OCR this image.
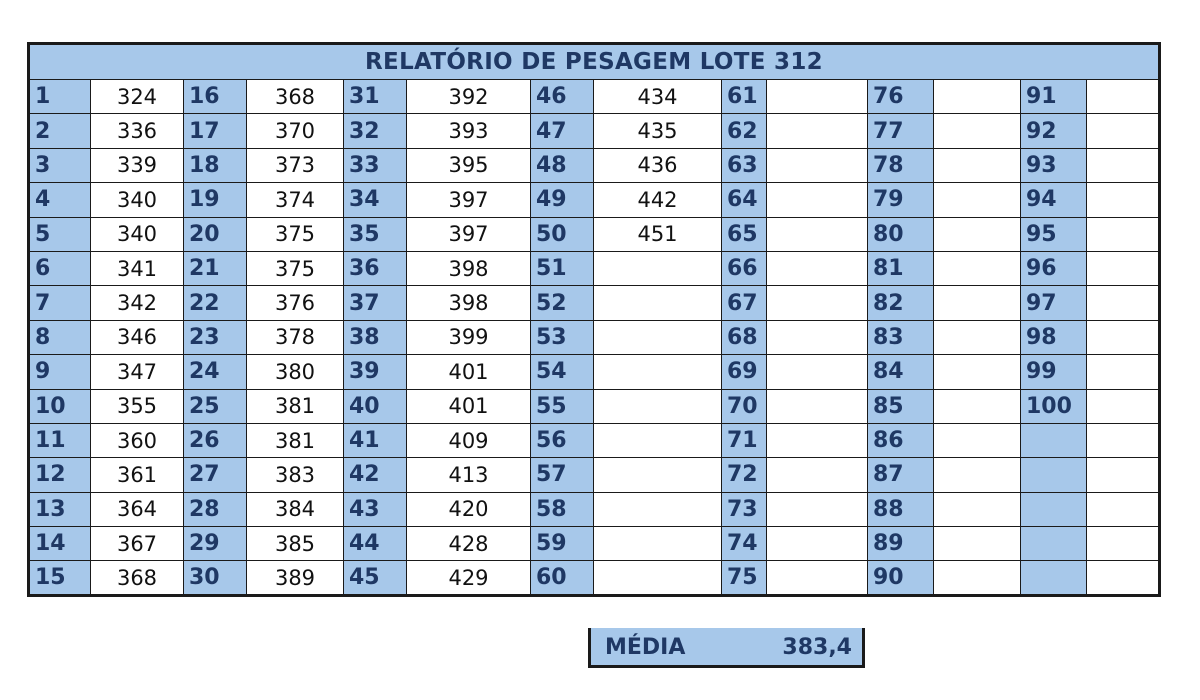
RELATÓRIO DE PESAGEM LOTE 312													
1	324	16	368	31	392	46	434	61		76		91	
2	336	17	370	32	393	47	435	62		77		92	
3	339	18	373	33	395	48	436	63		78		93	
4	340	19	374	34	397	49	442	64		79		94	
5	340	20	375	35	397	50	451	65		80		95	
6	341	21	375	36	398	51		66		81		96	
7	342	22	376	37	398	52		67		82		97	
8	346	23	378	38	399	53		68		83		98	
9	347	24	380	39	401	54		69		84		99	
10	355	25	381	40	401	55		70		85		100	
11	360	26	381	41	409	56		71		86			
12	361	27	383	42	413	57		72		87			
13	364	28	384	43	420	58		73		88			
14	367	29	385	44	428	59		74		89			
15	368	30	389	45	429	60		75		90			
MÉDIA	383,4
